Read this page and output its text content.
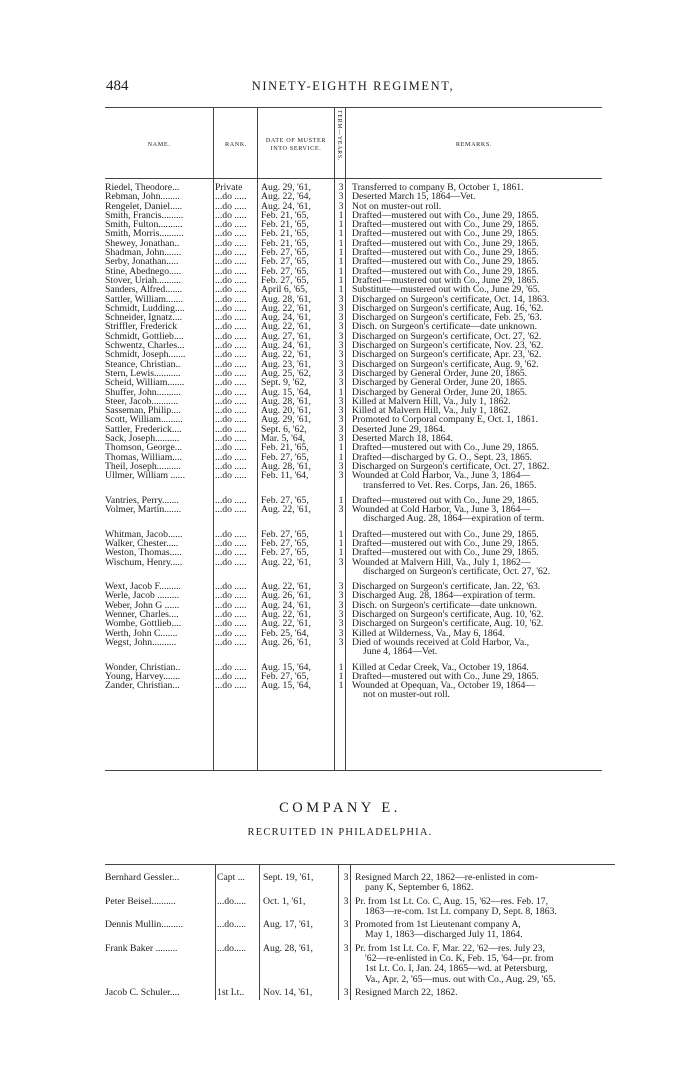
484	NINETY-EIGHTH REGIMENT,
NAME.	RANK.
DATE OF MUSTER
INTO SERVICE.	TERM—YEARS.	REMARKS.
Riedel, Theodore...	Private	Aug. 29, '61,	3 Transferred to company B, October 1, 1861.
Rebman, John........	...do .....	Aug. 22, '64,	3 Deserted March 15, 1864—Vet.
Rengelet, Daniel.....	...do .....	Aug. 24, '61,	3 Not on muster-out roll.
Smith, Francis.........	...do .....	Feb. 21, '65,	1 Drafted—mustered out with Co., June 29, 1865.
Smith, Fulton..........	...do .....	Feb. 21, '65,	1 Drafted—mustered out with Co., June 29, 1865.
Smith, Morris..........	...do .....	Feb. 21, '65,	1 Drafted—mustered out with Co., June 29, 1865.
Shewey, Jonathan..	...do .....	Feb. 21, '65,	1 Drafted—mustered out with Co., June 29, 1865.
Shadman, John.......	...do .....	Feb. 27, '65,	1 Drafted—mustered out with Co., June 29, 1865.
Serby, Jonathan.....	...do .....	Feb. 27, '65,	1 Drafted—mustered out with Co., June 29, 1865.
Stine, Abednego.....	...do .....	Feb. 27, '65,	1 Drafted—mustered out with Co., June 29, 1865.
Stover, Uriah..........	...do .....	Feb. 27, '65,	1 Drafted—mustered out with Co., June 29, 1865.
Sanders, Alfred.......	...do .....	April 6, '65,	1 Substitute—mustered out with Co., June 29, '65.
Sattler, William.......	...do .....	Aug. 28, '61,	3 Discharged on Surgeon's certificate, Oct. 14, 1863.
Schmidt, Ludding....	...do .....	Aug. 22, '61,	3 Discharged on Surgeon's certificate, Aug. 16, '62.
Schneider, Ignatz....	...do .....	Aug. 24, '61,	3 Discharged on Surgeon's certificate, Feb. 25, '63.
Striffler, Frederick	...do .....	Aug. 22, '61,	3 Disch. on Surgeon's certificate—date unknown.
Schmidt, Gottlieb....	...do .....	Aug. 27, '61,	3 Discharged on Surgeon's certificate, Oct. 27, '62.
Schwentz, Charles...	...do .....	Aug. 24, '61,	3 Discharged on Surgeon's certificate, Nov. 23, '62.
Schmidt, Joseph.......	...do .....	Aug. 22, '61,	3 Discharged on Surgeon's certificate, Apr. 23, '62.
Steance, Christian..	...do .....	Aug. 23, '61,	3 Discharged on Surgeon's certificate, Aug. 9, '62.
Stern, Lewis...........	...do .....	Aug. 25, '62,	3 Discharged by General Order, June 20, 1865.
Scheid, William.......	...do .....	Sept. 9, '62,	3 Discharged by General Order, June 20, 1865.
Shuffer, John..........	...do .....	Aug. 15, '64,	1 Discharged by General Order, June 20, 1865.
Steer, Jacob...........	...do .....	Aug. 28, '61,	3 Killed at Malvern Hill, Va., July 1, 1862.
Sasseman, Philip....	...do .....	Aug. 20, '61,	3 Killed at Malvern Hill, Va., July 1, 1862.
Scott, William.........	...do .....	Aug. 29, '61,	3 Promoted to Corporal company E, Oct. 1, 1861.
Sattler, Frederick....	...do .....	Sept. 6, '62,	3 Deserted June 29, 1864.
Sack, Joseph..........	...do .....	Mar. 5, '64,	3 Deserted March 18, 1864.
Thomson, George...	...do .....	Feb. 21, '65,	1 Drafted—mustered out with Co., June 29, 1865.
Thomas, William....	...do .....	Feb. 27, '65,	1 Drafted—discharged by G. O., Sept. 23, 1865.
Theil, Joseph..........	...do .....	Aug. 28, '61,	3 Discharged on Surgeon's certificate, Oct. 27, 1862.
Ullmer, William ......	...do .....	Feb. 11, '64,	3 Wounded at Cold Harbor, Va., June 3, 1864—
transferred to Vet. Res. Corps, Jan. 26, 1865.
Vantries, Perry.......	...do .....	Feb. 27, '65,	1 Drafted—mustered out with Co., June 29, 1865.
Volmer, Martin.......	...do .....	Aug. 22, '61,	3 Wounded at Cold Harbor, Va., June 3, 1864—
discharged Aug. 28, 1864—expiration of term.
Whitman, Jacob......	...do .....	Feb. 27, '65,	1 Drafted—mustered out with Co., June 29, 1865.
Walker, Chester.....	...do .....	Feb. 27, '65,	1 Drafted—mustered out with Co., June 29, 1865.
Weston, Thomas.....	...do .....	Feb. 27, '65,	1 Drafted—mustered out with Co., June 29, 1865.
Wischum, Henry.....	...do .....	Aug. 22, '61,	3 Wounded at Malvern Hill, Va., July 1, 1862—
discharged on Surgeon's certificate, Oct. 27, '62.
Wext, Jacob F.........	...do .....	Aug. 22, '61,	3 Discharged on Surgeon's certificate, Jan. 22, '63.
Werle, Jacob .........	...do .....	Aug. 26, '61,	3 Discharged Aug. 28, 1864—expiration of term.
Weber, John G ......	...do .....	Aug. 24, '61,	3 Disch. on Surgeon's certificate—date unknown.
Wenner, Charles....	...do .....	Aug. 22, '61,	3 Discharged on Surgeon's certificate, Aug. 10, '62.
Wombe, Gottlieb....	...do .....	Aug. 22, '61,	3 Discharged on Surgeon's certificate, Aug. 10, '62.
Werth, John C.......	...do .....	Feb. 25, '64,	3 Killed at Wilderness, Va., May 6, 1864.
Wegst, John..........	...do .....	Aug. 26, '61,	3 Died of wounds received at Cold Harbor, Va.,
June 4, 1864—Vet.
Wonder, Christian..	...do .....	Aug. 15, '64,	1 Killed at Cedar Creek, Va., October 19, 1864.
Young, Harvey.......	...do .....	Feb. 27, '65,	1 Drafted—mustered out with Co., June 29, 1865.
Zander, Christian...	...do .....	Aug. 15, '64,	1 Wounded at Opequan, Va., October 19, 1864—
not on muster-out roll.
COMPANY E.
RECRUITED IN PHILADELPHIA.
Bernhard Gessler...	Capt ...	Sept. 19, '61,	3 Resigned March 22, 1862—re-enlisted in com-
pany K, September 6, 1862.
Peter Beisel..........	...do.....	Oct. 1, '61,	3 Pr. from 1st Lt. Co. C, Aug. 15, '62—res. Feb. 17,
1863—re-com. 1st Lt. company D, Sept. 8, 1863.
Dennis Mullin.........	...do.....	Aug. 17, '61,	3 Promoted from 1st Lieutenant company A,
May 1, 1863—discharged July 11, 1864.
Frank Baker .........	...do.....	Aug. 28, '61,	3 Pr. from 1st Lt. Co. F, Mar. 22, '62—res. July 23,
'62—re-enlisted in Co. K, Feb. 15, '64—pr. from
1st Lt. Co. I, Jan. 24, 1865—wd. at Petersburg,
Va., Apr. 2, '65—mus. out with Co., Aug. 29, '65.
Jacob C. Schuler....	1st Lt..	Nov. 14, '61,	3 Resigned March 22, 1862.
